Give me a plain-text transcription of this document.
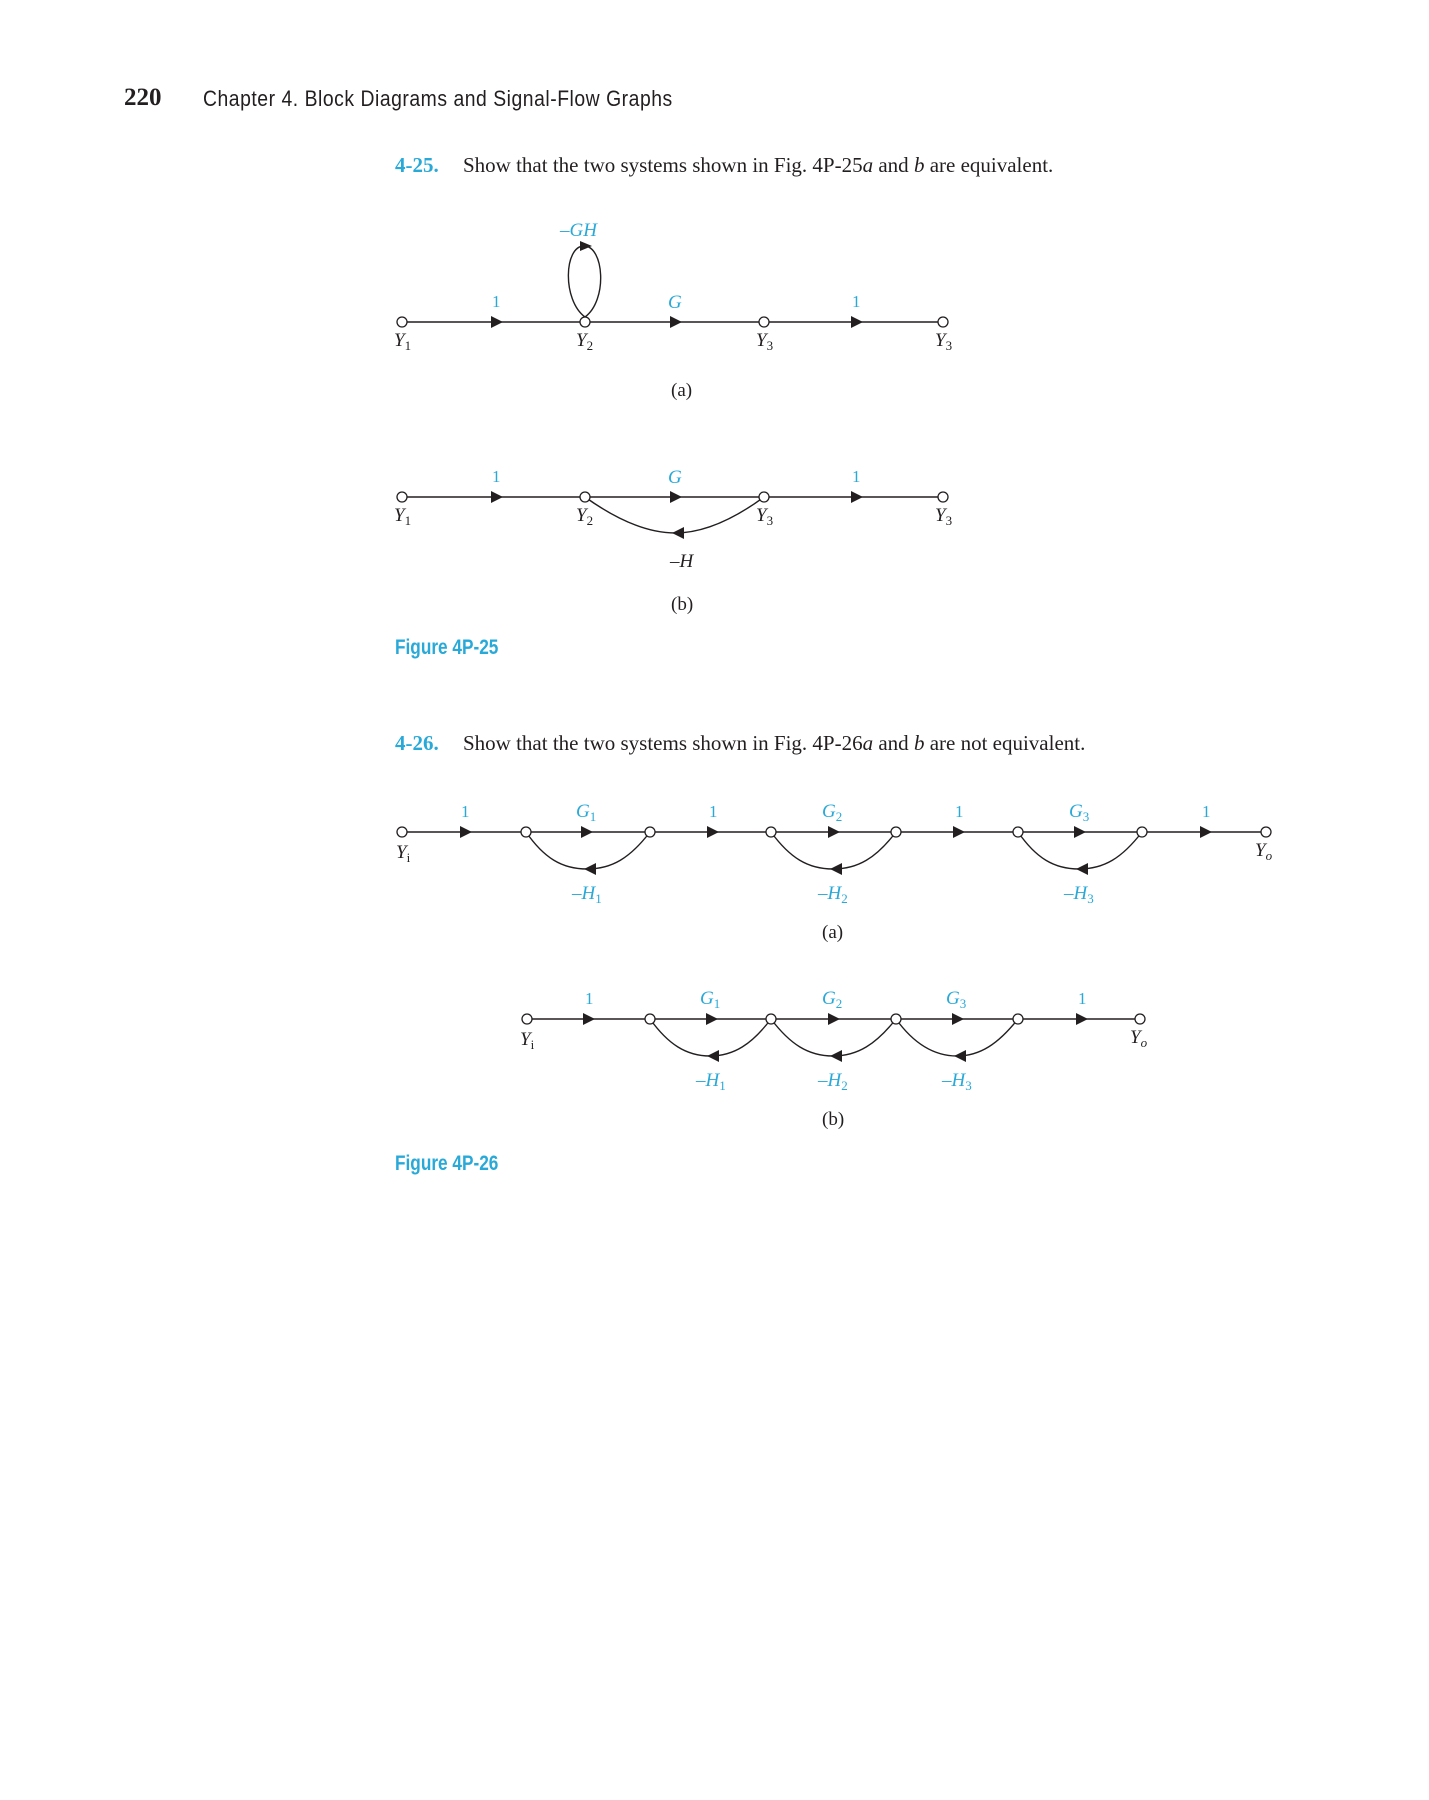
220 Chapter 4. Block Diagrams and Signal-Flow Graphs
4-25. Show that the two systems shown in Fig. 4P-25a and b are equivalent.
Figure 4P-25
4-26. Show that the two systems shown in Fig. 4P-26a and b are not equivalent.
Figure 4P-26
–GH
1	G	1
$Y_1$	$Y_2$	$Y_3$	$Y_3$
(a)
1	G	1
–H
$Y_1$	$Y_2$	$Y_3$	$Y_3$
(b)
1	1	1	1
$G_1$	$G_2$	$G_3$
$-H_1$	$-H_2$	$-H_3$
$Y_i$	$Y_o$
(a)
1	1
$G_1$	$G_2$	$G_3$
$-H_1$	$-H_2$	$-H_3$
$Y_i$	$Y_o$
(b)
